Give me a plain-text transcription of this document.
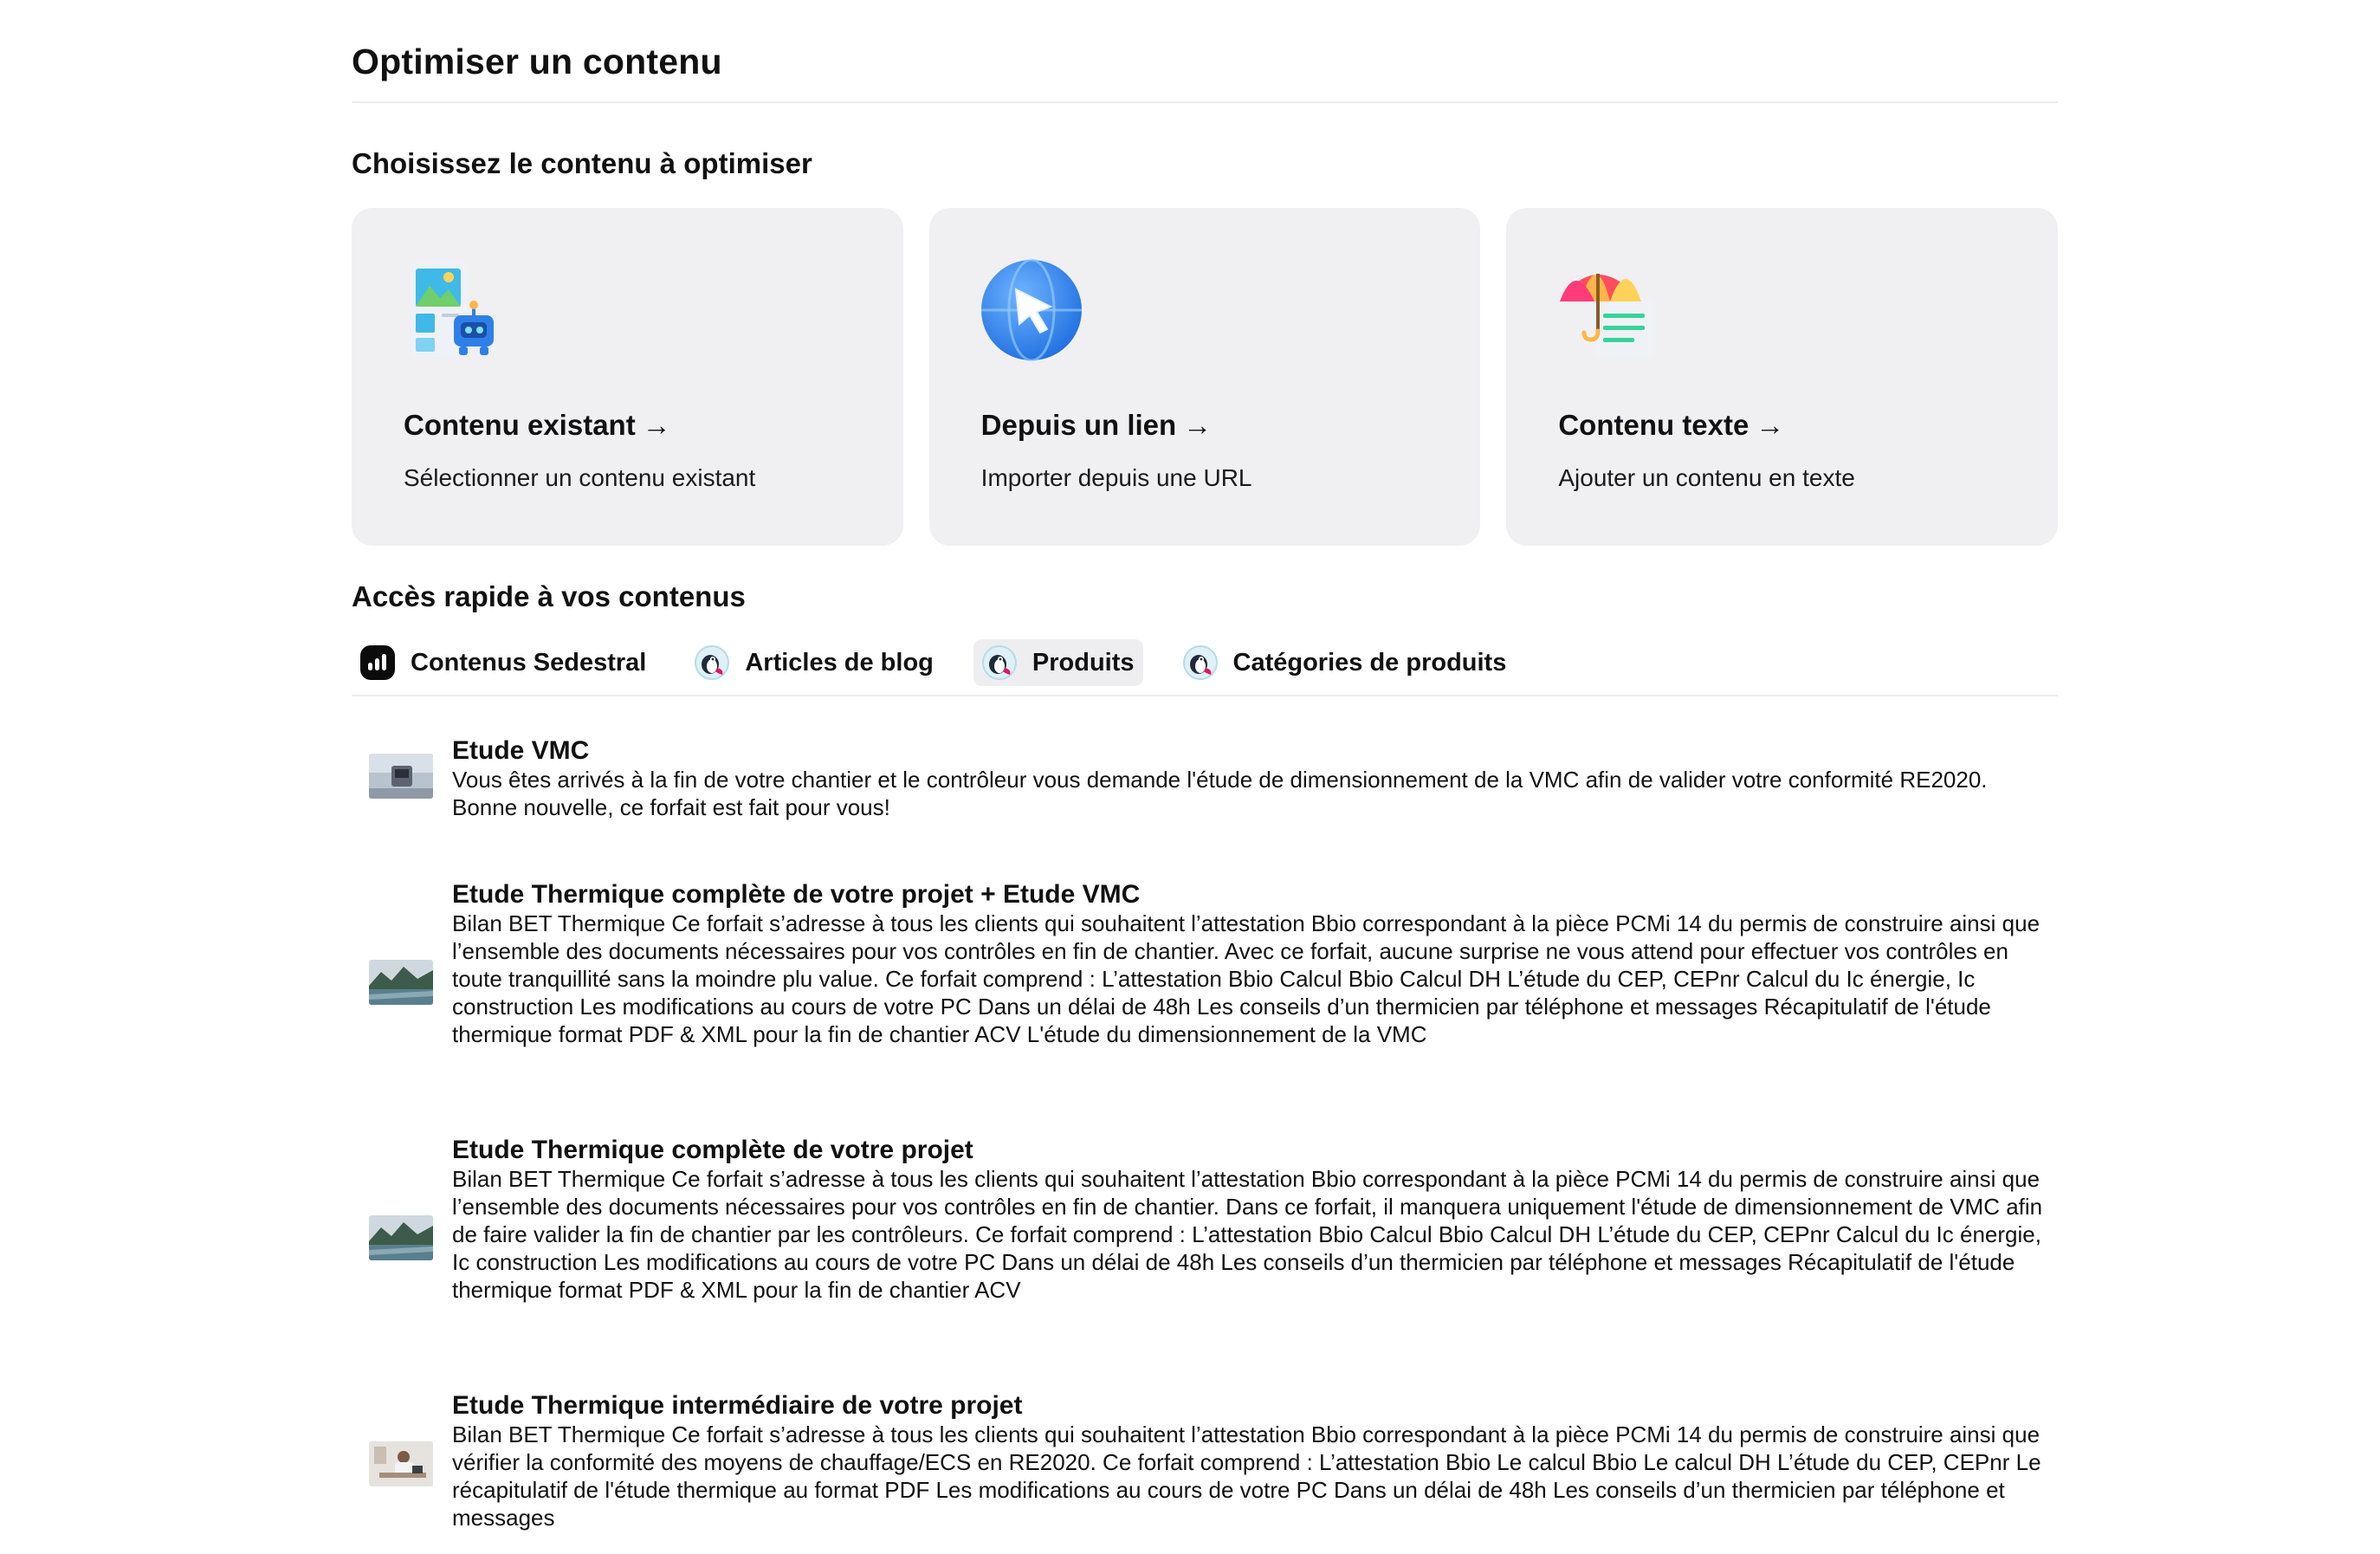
Optimiser un contenu
Choisissez le contenu à optimiser
Contenu existant →
Sélectionner un contenu existant
Depuis un lien →
Importer depuis une URL
Contenu texte →
Ajouter un contenu en texte
Accès rapide à vos contenus
Contenus Sedestral	Articles de blog	Produits	Catégories de produits
Etude VMC

Vous êtes arrivés à la fin de votre chantier et le contrôleur vous demande l'étude de dimensionnement de la VMC afin de valider votre conformité RE2020. Bonne nouvelle, ce forfait est fait pour vous!

Etude Thermique complète de votre projet + Etude VMC

Bilan BET Thermique Ce forfait s’adresse à tous les clients qui souhaitent l’attestation Bbio correspondant à la pièce PCMi 14 du permis de construire ainsi que l’ensemble des documents nécessaires pour vos contrôles en fin de chantier. Avec ce forfait, aucune surprise ne vous attend pour effectuer vos contrôles en toute tranquillité sans la moindre plu value. Ce forfait comprend : L’attestation Bbio Calcul Bbio Calcul DH L’étude du CEP, CEPnr Calcul du Ic énergie, Ic construction Les modifications au cours de votre PC Dans un délai de 48h Les conseils d’un thermicien par téléphone et messages Récapitulatif de l'étude thermique format PDF & XML pour la fin de chantier ACV L'étude du dimensionnement de la VMC

Etude Thermique complète de votre projet

Bilan BET Thermique Ce forfait s’adresse à tous les clients qui souhaitent l’attestation Bbio correspondant à la pièce PCMi 14 du permis de construire ainsi que l’ensemble des documents nécessaires pour vos contrôles en fin de chantier. Dans ce forfait, il manquera uniquement l'étude de dimensionnement de VMC afin de faire valider la fin de chantier par les contrôleurs. Ce forfait comprend : L’attestation Bbio Calcul Bbio Calcul DH L’étude du CEP, CEPnr Calcul du Ic énergie, Ic construction Les modifications au cours de votre PC Dans un délai de 48h Les conseils d’un thermicien par téléphone et messages Récapitulatif de l'étude thermique format PDF & XML pour la fin de chantier ACV

Etude Thermique intermédiaire de votre projet

Bilan BET Thermique Ce forfait s’adresse à tous les clients qui souhaitent l’attestation Bbio correspondant à la pièce PCMi 14 du permis de construire ainsi que vérifier la conformité des moyens de chauffage/ECS en RE2020. Ce forfait comprend : L’attestation Bbio Le calcul Bbio Le calcul DH L’étude du CEP, CEPnr Le récapitulatif de l'étude thermique au format PDF Les modifications au cours de votre PC Dans un délai de 48h Les conseils d’un thermicien par téléphone et messages
